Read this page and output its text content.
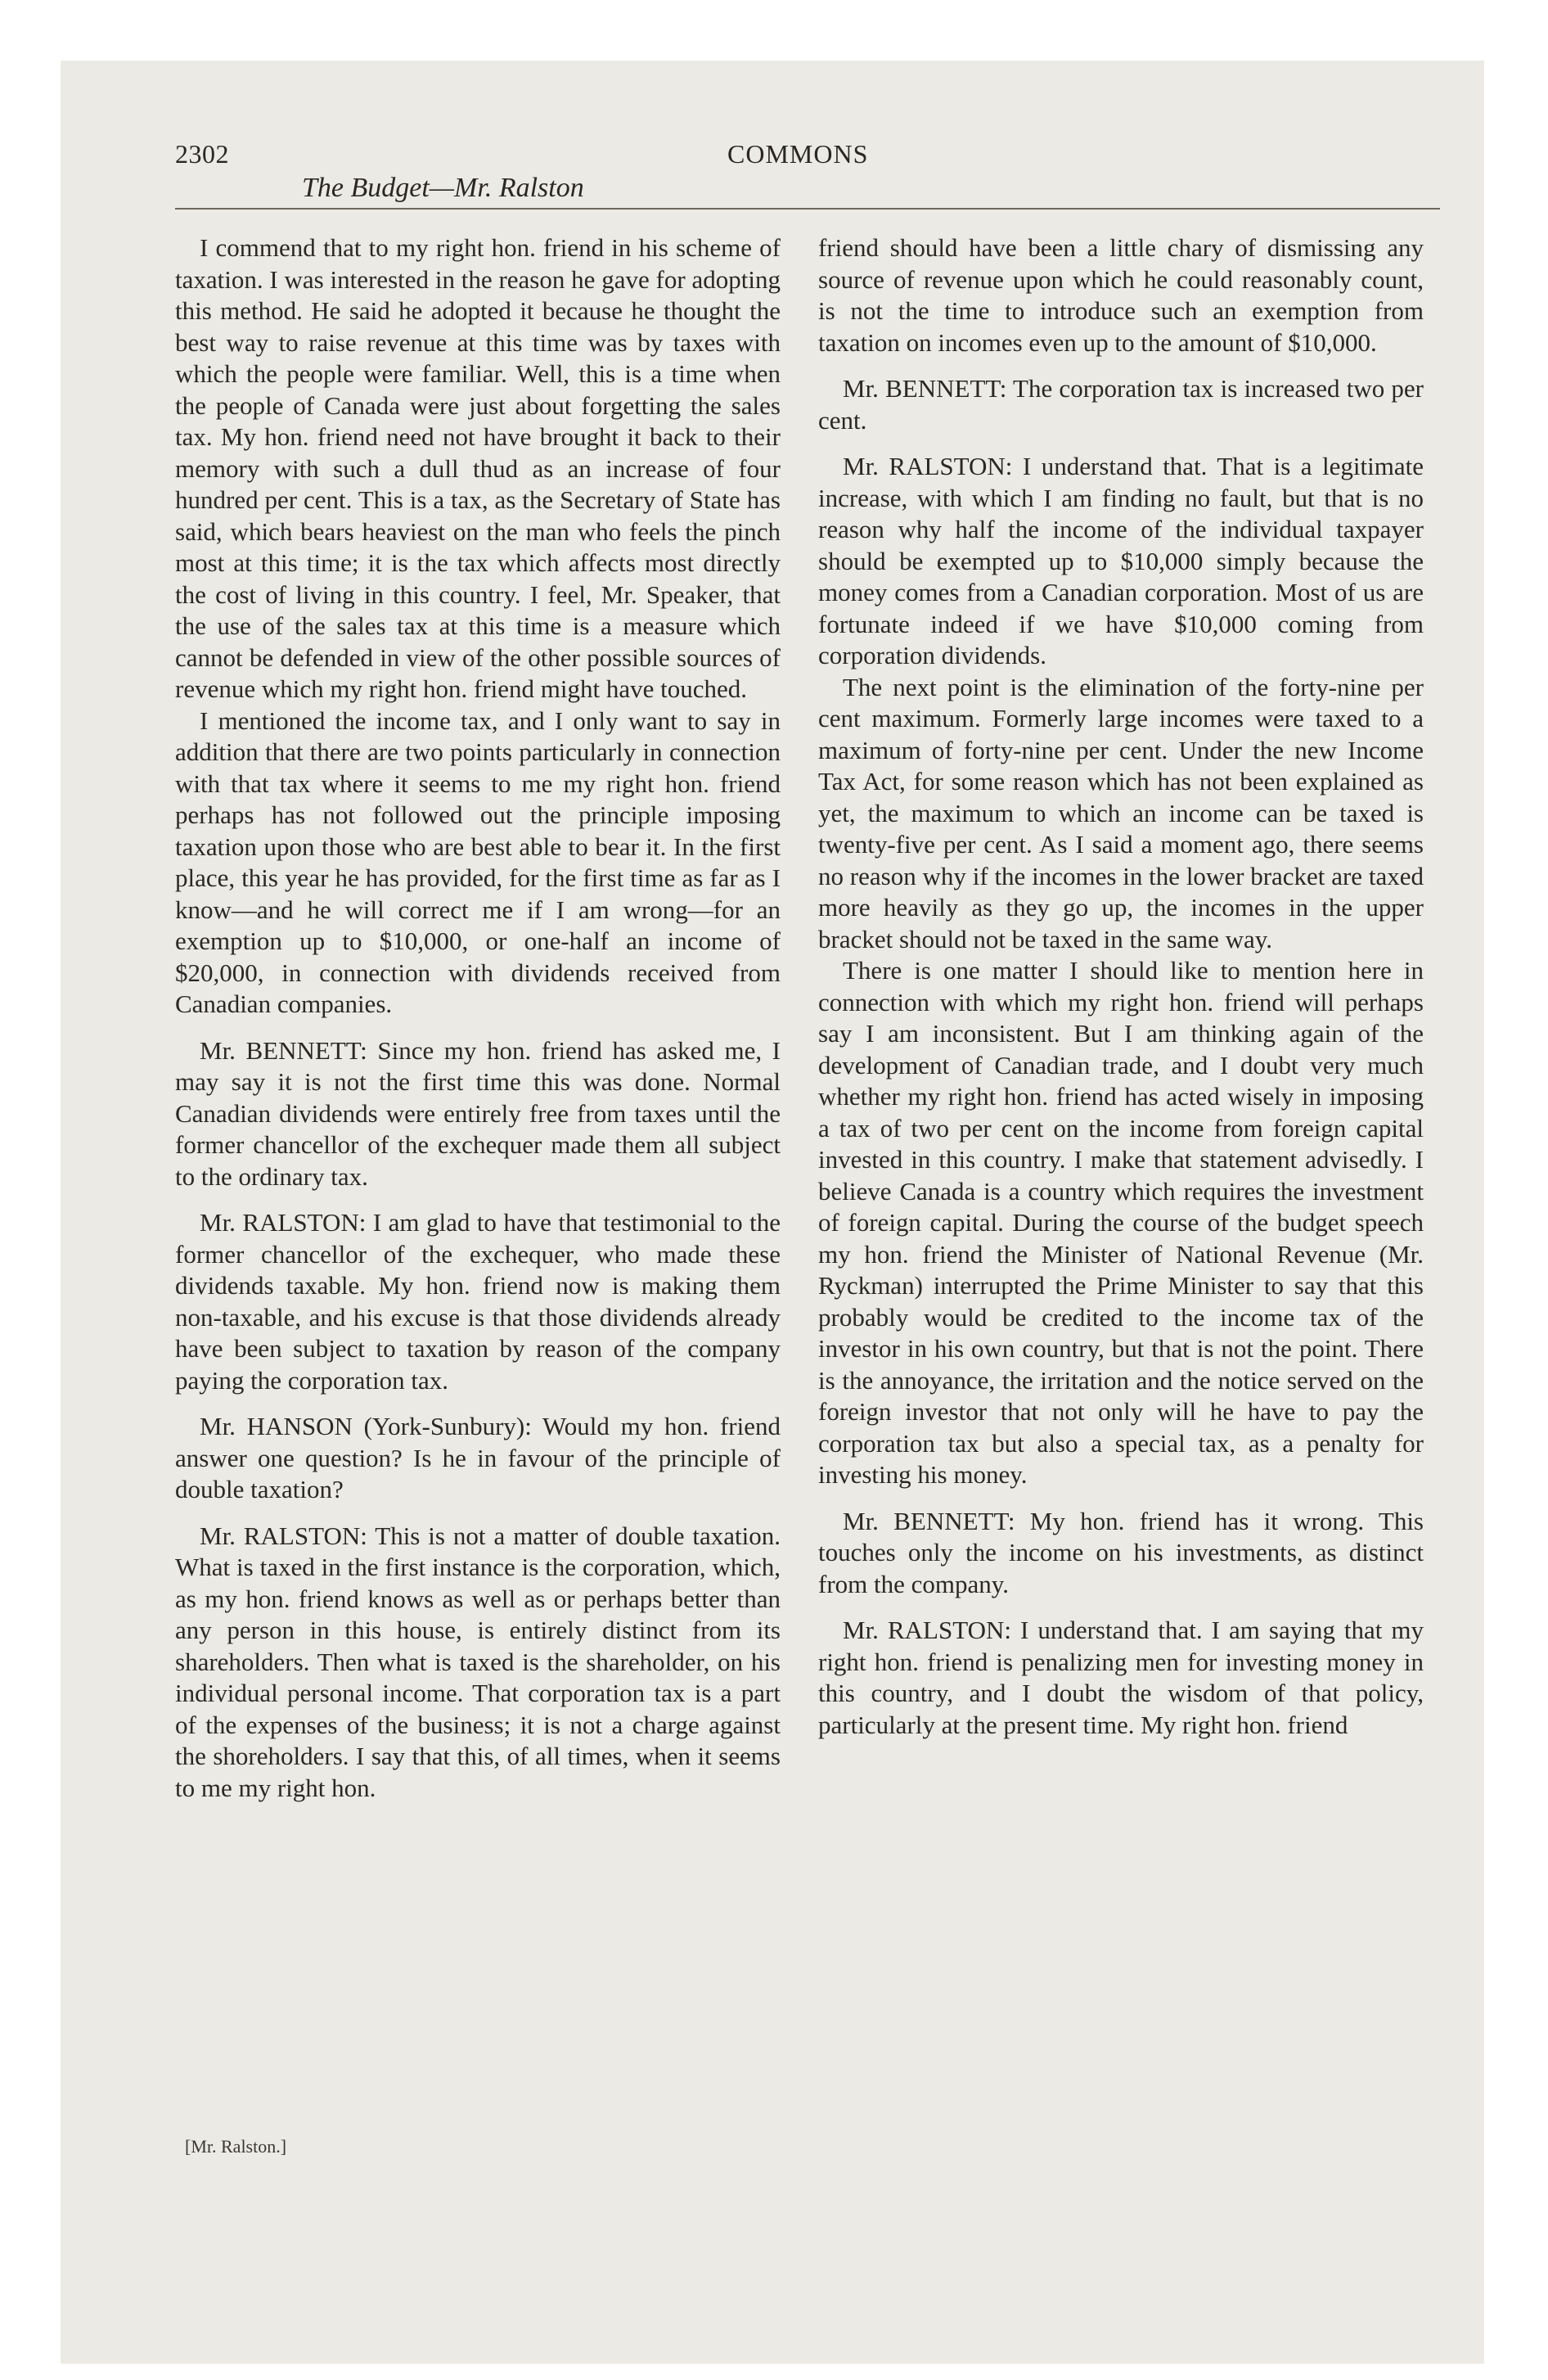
2302
The Budget—Mr. Ralston
COMMONS

I commend that to my right hon. friend in his scheme of taxation. I was interested in the reason he gave for adopting this method. He said he adopted it because he thought the best way to raise revenue at this time was by taxes with which the people were familiar. Well, this is a time when the people of Canada were just about forgetting the sales tax. My hon. friend need not have brought it back to their memory with such a dull thud as an increase of four hundred per cent. This is a tax, as the Secretary of State has said, which bears heaviest on the man who feels the pinch most at this time; it is the tax which affects most directly the cost of living in this country. I feel, Mr. Speaker, that the use of the sales tax at this time is a measure which cannot be defended in view of the other possible sources of revenue which my right hon. friend might have touched.

I mentioned the income tax, and I only want to say in addition that there are two points particularly in connection with that tax where it seems to me my right hon. friend perhaps has not followed out the principle imposing taxation upon those who are best able to bear it. In the first place, this year he has provided, for the first time as far as I know—and he will correct me if I am wrong—for an exemption up to $10,000, or one-half an income of $20,000, in connection with dividends received from Canadian companies.

Mr. BENNETT: Since my hon. friend has asked me, I may say it is not the first time this was done. Normal Canadian dividends were entirely free from taxes until the former chancellor of the exchequer made them all subject to the ordinary tax.

Mr. RALSTON: I am glad to have that testimonial to the former chancellor of the exchequer, who made these dividends taxable. My hon. friend now is making them non-taxable, and his excuse is that those dividends already have been subject to taxation by reason of the company paying the corporation tax.

Mr. HANSON (York-Sunbury): Would my hon. friend answer one question? Is he in favour of the principle of double taxation?

Mr. RALSTON: This is not a matter of double taxation. What is taxed in the first instance is the corporation, which, as my hon. friend knows as well as or perhaps better than any person in this house, is entirely distinct from its shareholders. Then what is taxed is the shareholder, on his individual personal income. That corporation tax is a part of the expenses of the business; it is not a charge against the shoreholders. I say that this, of all times, when it seems to me my right hon.

friend should have been a little chary of dismissing any source of revenue upon which he could reasonably count, is not the time to introduce such an exemption from taxation on incomes even up to the amount of $10,000.

Mr. BENNETT: The corporation tax is increased two per cent.

Mr. RALSTON: I understand that. That is a legitimate increase, with which I am finding no fault, but that is no reason why half the income of the individual taxpayer should be exempted up to $10,000 simply because the money comes from a Canadian corporation. Most of us are fortunate indeed if we have $10,000 coming from corporation dividends.

The next point is the elimination of the forty-nine per cent maximum. Formerly large incomes were taxed to a maximum of forty-nine per cent. Under the new Income Tax Act, for some reason which has not been explained as yet, the maximum to which an income can be taxed is twenty-five per cent. As I said a moment ago, there seems no reason why if the incomes in the lower bracket are taxed more heavily as they go up, the incomes in the upper bracket should not be taxed in the same way.

There is one matter I should like to mention here in connection with which my right hon. friend will perhaps say I am inconsistent. But I am thinking again of the development of Canadian trade, and I doubt very much whether my right hon. friend has acted wisely in imposing a tax of two per cent on the income from foreign capital invested in this country. I make that statement advisedly. I believe Canada is a country which requires the investment of foreign capital. During the course of the budget speech my hon. friend the Minister of National Revenue (Mr. Ryckman) interrupted the Prime Minister to say that this probably would be credited to the income tax of the investor in his own country, but that is not the point. There is the annoyance, the irritation and the notice served on the foreign investor that not only will he have to pay the corporation tax but also a special tax, as a penalty for investing his money.

Mr. BENNETT: My hon. friend has it wrong. This touches only the income on his investments, as distinct from the company.

Mr. RALSTON: I understand that. I am saying that my right hon. friend is penalizing men for investing money in this country, and I doubt the wisdom of that policy, particularly at the present time. My right hon. friend

[Mr. Ralston.]
